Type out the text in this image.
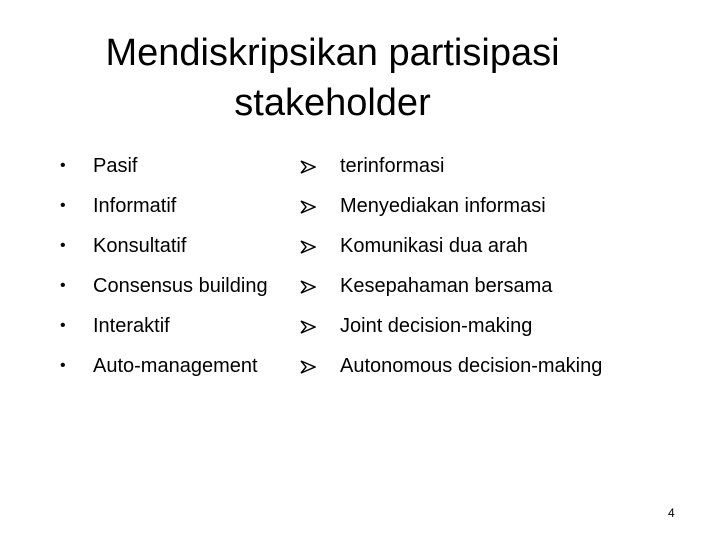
Mendiskripsikan partisipasi
stakeholder
• Pasif	terinformasi
• Informatif	Menyediakan informasi
• Konsultatif	Komunikasi dua arah
• Consensus building	Kesepahaman bersama
• Interaktif	Joint decision-making
• Auto-management	Autonomous decision-making
4
